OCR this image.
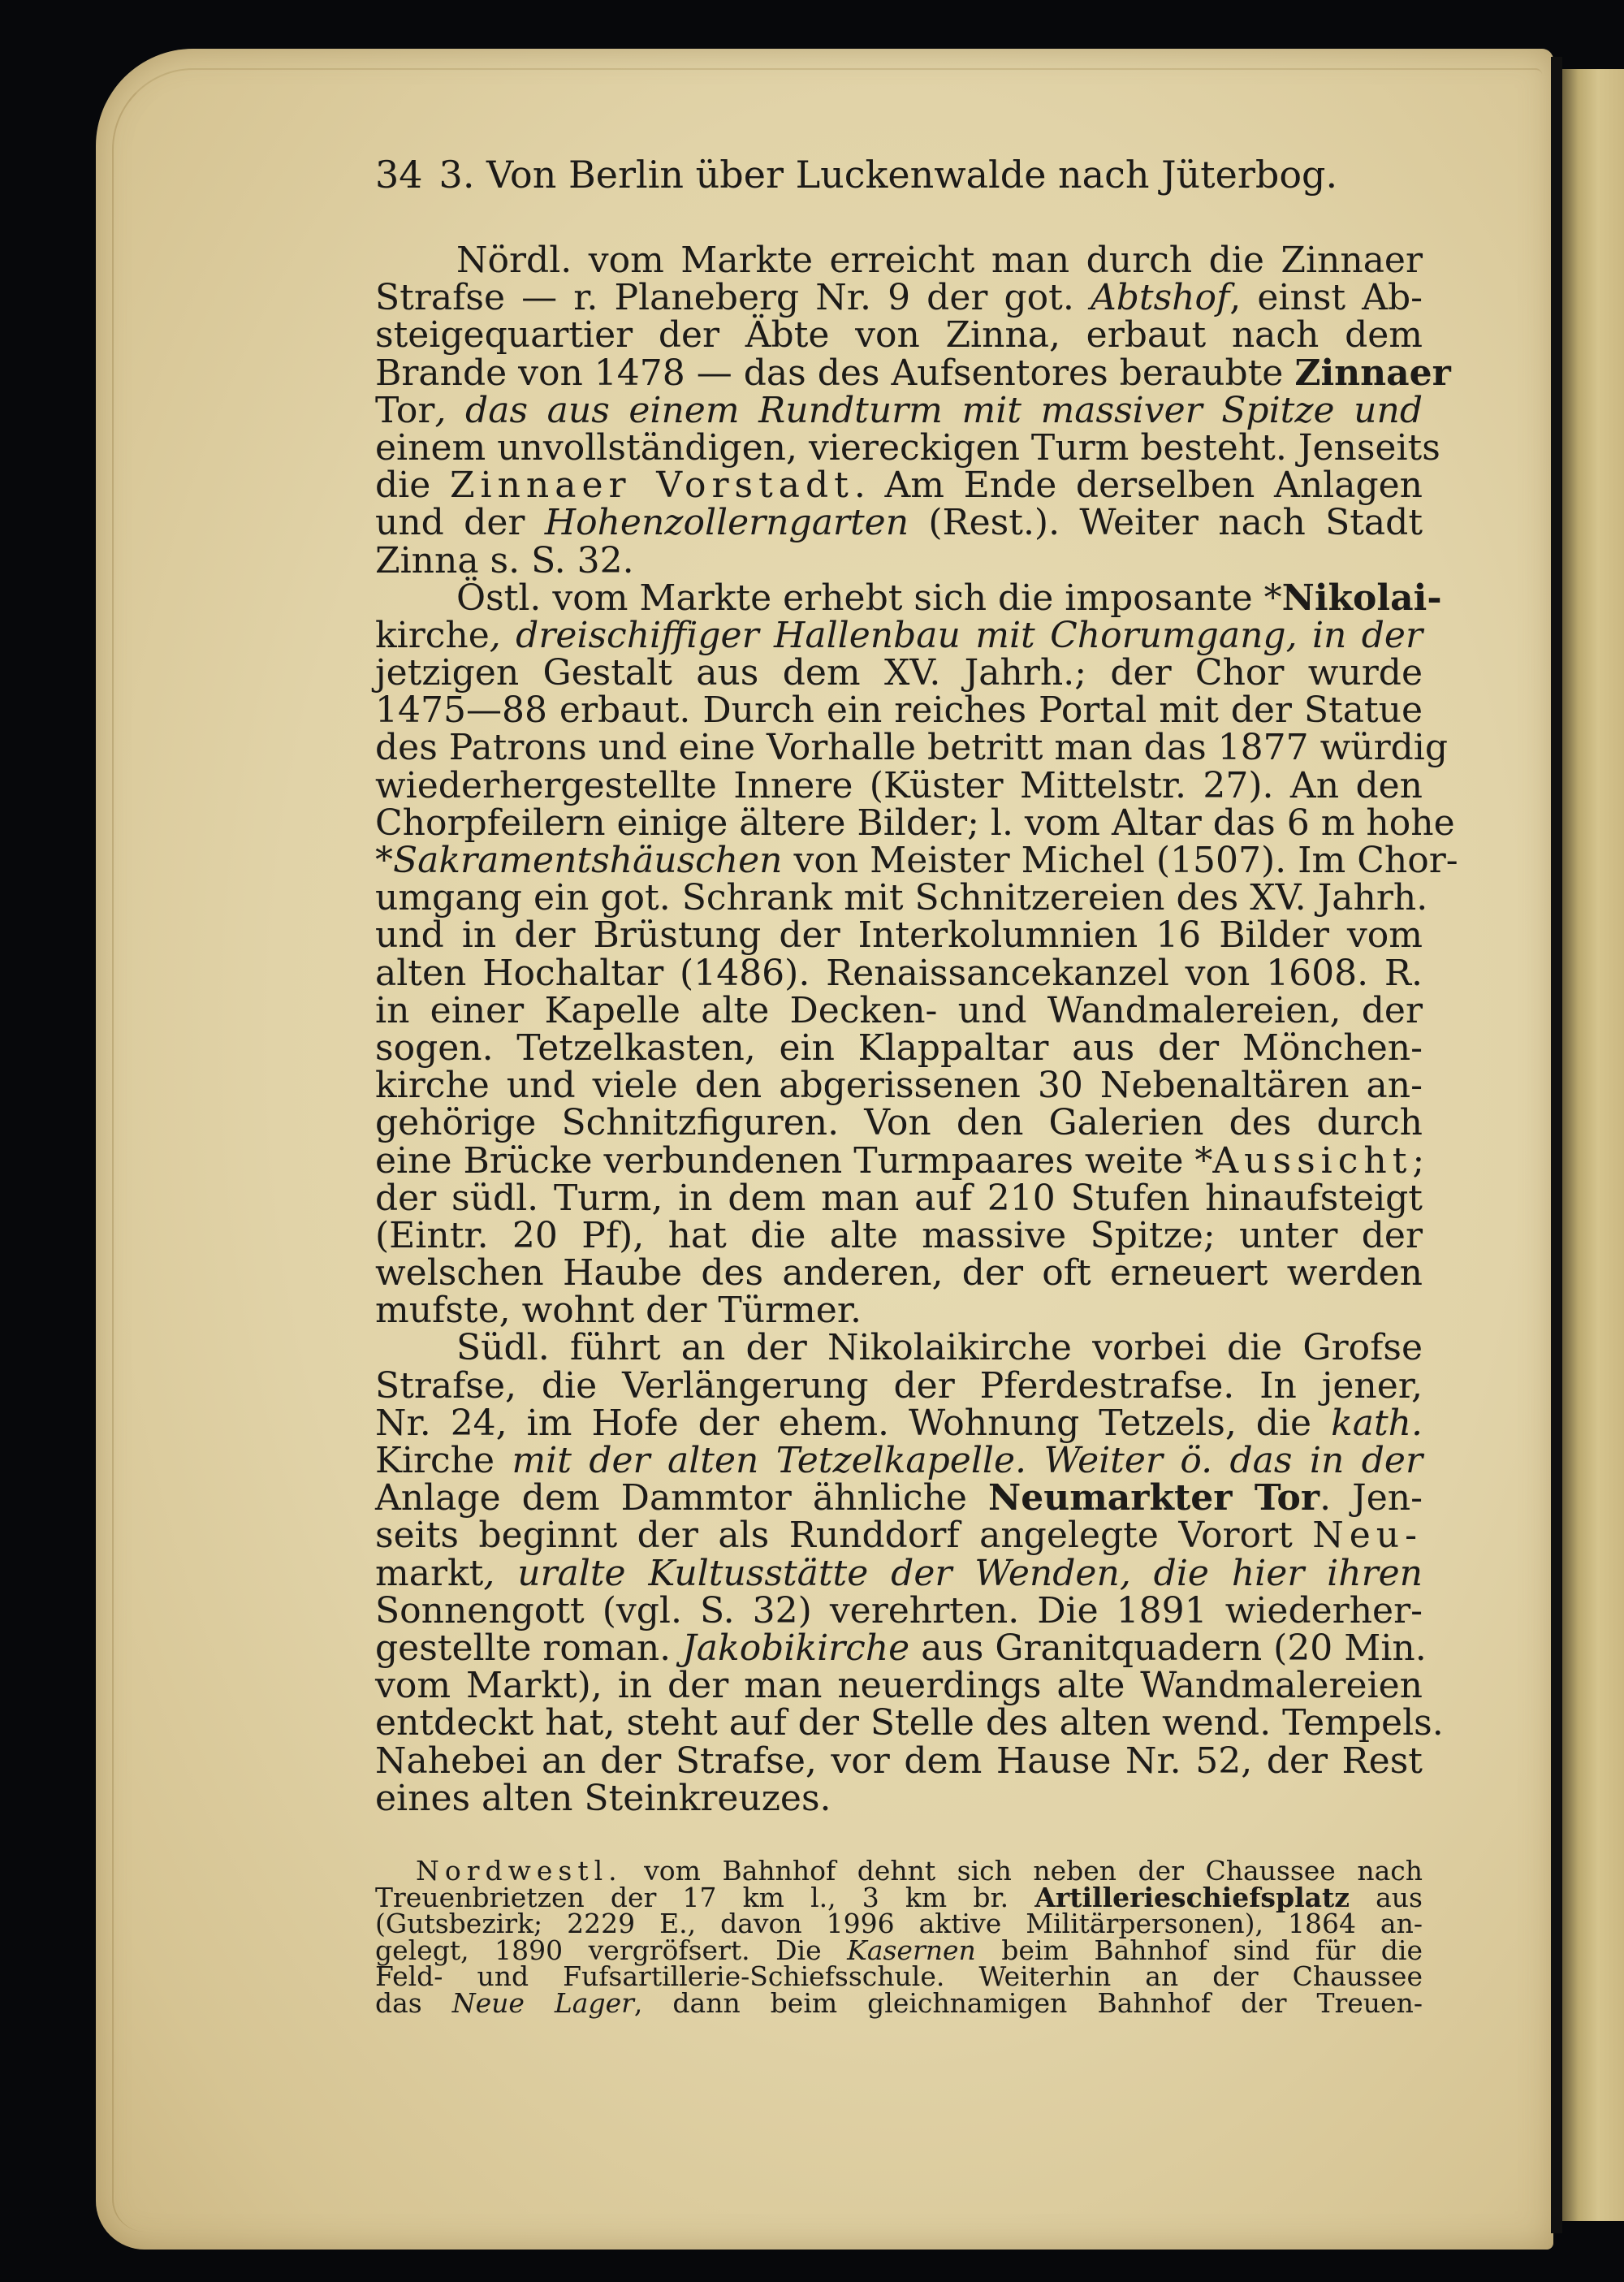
34 3. Von Berlin über Luckenwalde nach Jüterbog.
Nördl. vom Markte erreicht man durch die Zinnaer
Strafse — r. Planeberg Nr. 9 der got. Abtshof, einst Ab-
steigequartier der Äbte von Zinna, erbaut nach dem
Brande von 1478 — das des Aufsentores beraubte Zinnaer
Tor, das aus einem Rundturm mit massiver Spitze und
einem unvollständigen, viereckigen Turm besteht. Jenseits
die Zinnaer Vorstadt. Am Ende derselben Anlagen
und der Hohenzollerngarten (Rest.). Weiter nach Stadt
Zinna s. S. 32.
Östl. vom Markte erhebt sich die imposante *Nikolai-
kirche, dreischiffiger Hallenbau mit Chorumgang, in der
jetzigen Gestalt aus dem XV. Jahrh.; der Chor wurde
1475—88 erbaut. Durch ein reiches Portal mit der Statue
des Patrons und eine Vorhalle betritt man das 1877 würdig
wiederhergestellte Innere (Küster Mittelstr. 27). An den
Chorpfeilern einige ältere Bilder; l. vom Altar das 6 m hohe
*Sakramentshäuschen von Meister Michel (1507). Im Chor-
umgang ein got. Schrank mit Schnitzereien des XV. Jahrh.
und in der Brüstung der Interkolumnien 16 Bilder vom
alten Hochaltar (1486). Renaissancekanzel von 1608. R.
in einer Kapelle alte Decken- und Wandmalereien, der
sogen. Tetzelkasten, ein Klappaltar aus der Mönchen-
kirche und viele den abgerissenen 30 Nebenaltären an-
gehörige Schnitzfiguren. Von den Galerien des durch
eine Brücke verbundenen Turmpaares weite *Aussicht;
der südl. Turm, in dem man auf 210 Stufen hinaufsteigt
(Eintr. 20 Pf), hat die alte massive Spitze; unter der
welschen Haube des anderen, der oft erneuert werden
mufste, wohnt der Türmer.
Südl. führt an der Nikolaikirche vorbei die Grofse
Strafse, die Verlängerung der Pferdestrafse. In jener,
Nr. 24, im Hofe der ehem. Wohnung Tetzels, die kath.
Kirche mit der alten Tetzelkapelle. Weiter ö. das in der
Anlage dem Dammtor ähnliche Neumarkter Tor. Jen-
seits beginnt der als Runddorf angelegte Vorort Neu-
markt, uralte Kultusstätte der Wenden, die hier ihren
Sonnengott (vgl. S. 32) verehrten. Die 1891 wiederher-
gestellte roman. Jakobikirche aus Granitquadern (20 Min.
vom Markt), in der man neuerdings alte Wandmalereien
entdeckt hat, steht auf der Stelle des alten wend. Tempels.
Nahebei an der Strafse, vor dem Hause Nr. 52, der Rest
eines alten Steinkreuzes.
Nordwestl. vom Bahnhof dehnt sich neben der Chaussee nach
Treuenbrietzen der 17 km l., 3 km br. Artillerieschiefsplatz aus
(Gutsbezirk; 2229 E., davon 1996 aktive Militärpersonen), 1864 an-
gelegt, 1890 vergröfsert. Die Kasernen beim Bahnhof sind für die
Feld- und Fufsartillerie-Schiefsschule. Weiterhin an der Chaussee
das Neue Lager, dann beim gleichnamigen Bahnhof der Treuen-
